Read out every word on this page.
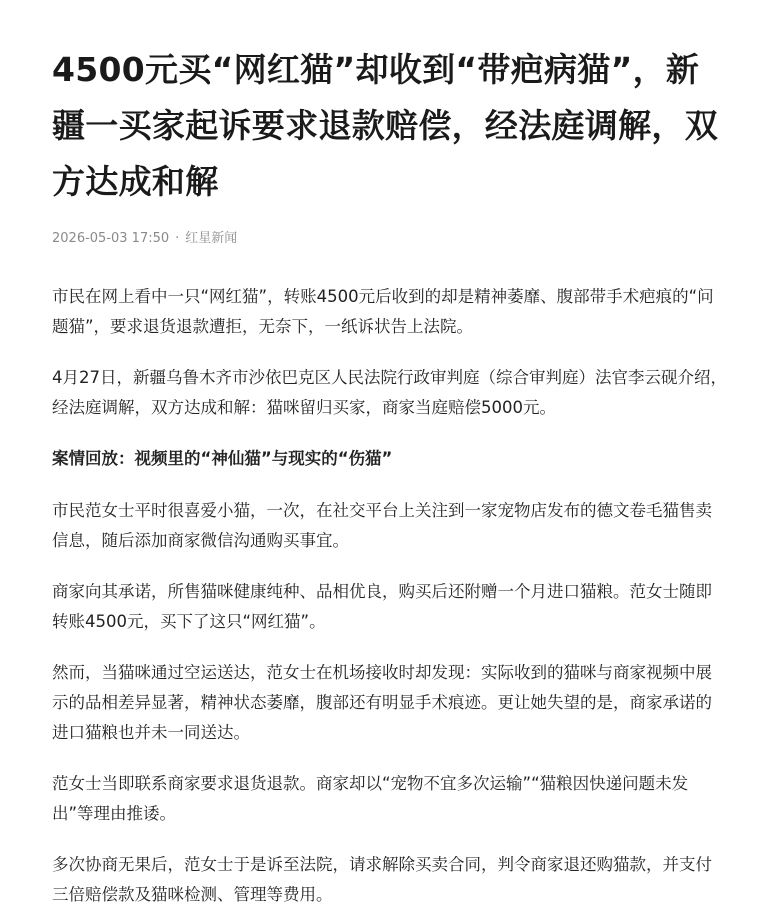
4500元买“网红猫”却收到“带疤病猫”，新疆一买家起诉要求退款赔偿，经法庭调解，双方达成和解
2026-05-03 17:50 · 红星新闻

市民在网上看中一只“网红猫”，转账4500元后收到的却是精神萎靡、腹部带手术疤痕的“问题猫”，要求退货退款遭拒，无奈下，一纸诉状告上法院。

4月27日，新疆乌鲁木齐市沙依巴克区人民法院行政审判庭（综合审判庭）法官李云砚介绍，经法庭调解，双方达成和解：猫咪留归买家，商家当庭赔偿5000元。

案情回放：视频里的“神仙猫”与现实的“伤猫”

市民范女士平时很喜爱小猫，一次，在社交平台上关注到一家宠物店发布的德文卷毛猫售卖信息，随后添加商家微信沟通购买事宜。

商家向其承诺，所售猫咪健康纯种、品相优良，购买后还附赠一个月进口猫粮。范女士随即转账4500元，买下了这只“网红猫”。

然而，当猫咪通过空运送达，范女士在机场接收时却发现：实际收到的猫咪与商家视频中展示的品相差异显著，精神状态萎靡，腹部还有明显手术痕迹。更让她失望的是，商家承诺的进口猫粮也并未一同送达。

范女士当即联系商家要求退货退款。商家却以“宠物不宜多次运输”“猫粮因快递问题未发出”等理由推诿。

多次协商无果后，范女士于是诉至法院，请求解除买卖合同，判令商家退还购猫款，并支付三倍赔偿款及猫咪检测、管理等费用。
